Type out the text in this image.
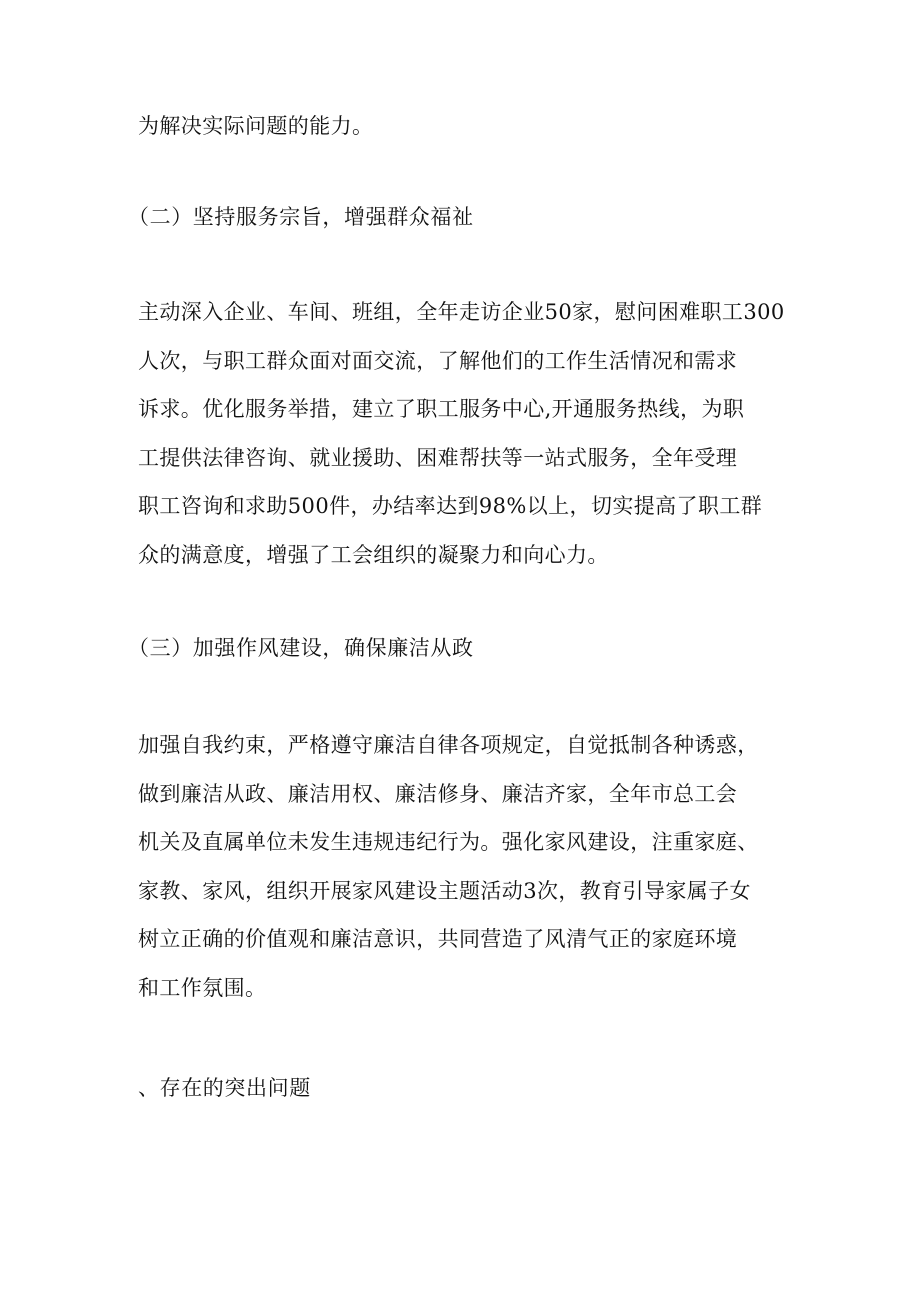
为解决实际问题的能力。
（二）坚持服务宗旨，增强群众福祉
主动深入企业、车间、班组，全年走访企业50家，慰问困难职工300
人次，与职工群众面对面交流，了解他们的工作生活情况和需求
诉求。优化服务举措，建立了职工服务中心,开通服务热线，为职
工提供法律咨询、就业援助、困难帮扶等一站式服务，全年受理
职工咨询和求助500件，办结率达到98%以上，切实提高了职工群
众的满意度，增强了工会组织的凝聚力和向心力。
（三）加强作风建设，确保廉洁从政
加强自我约束，严格遵守廉洁自律各项规定，自觉抵制各种诱惑，
做到廉洁从政、廉洁用权、廉洁修身、廉洁齐家，全年市总工会
机关及直属单位未发生违规违纪行为。强化家风建设，注重家庭、
家教、家风，组织开展家风建设主题活动3次，教育引导家属子女
树立正确的价值观和廉洁意识，共同营造了风清气正的家庭环境
和工作氛围。
、存在的突出问题
